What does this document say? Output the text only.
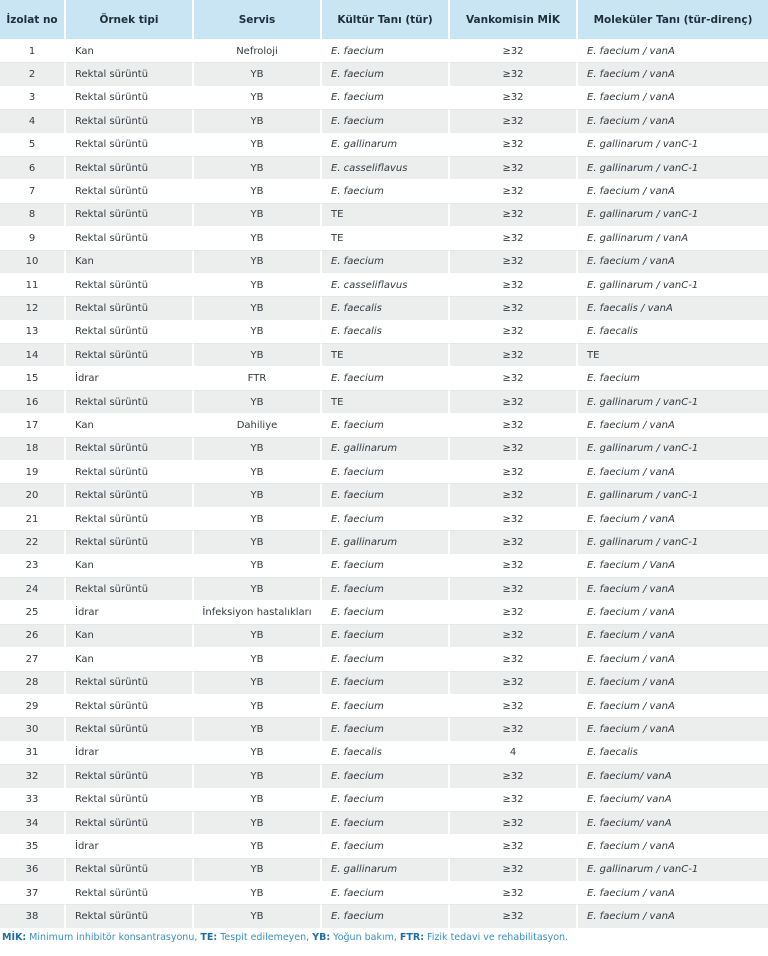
İzolat no	Örnek tipi	Servis	Kültür Tanı (tür)	Vankomisin MİK	Moleküler Tanı (tür-direnç)
1	Kan	Nefroloji	E. faecium	≥32	E. faecium / vanA
2	Rektal sürüntü	YB	E. faecium	≥32	E. faecium / vanA
3	Rektal sürüntü	YB	E. faecium	≥32	E. faecium / vanA
4	Rektal sürüntü	YB	E. faecium	≥32	E. faecium / vanA
5	Rektal sürüntü	YB	E. gallinarum	≥32	E. gallinarum / vanC-1
6	Rektal sürüntü	YB	E. casseliflavus	≥32	E. gallinarum / vanC-1
7	Rektal sürüntü	YB	E. faecium	≥32	E. faecium / vanA
8	Rektal sürüntü	YB	TE	≥32	E. gallinarum / vanC-1
9	Rektal sürüntü	YB	TE	≥32	E. gallinarum / vanA
10	Kan	YB	E. faecium	≥32	E. faecium / vanA
11	Rektal sürüntü	YB	E. casseliflavus	≥32	E. gallinarum / vanC-1
12	Rektal sürüntü	YB	E. faecalis	≥32	E. faecalis / vanA
13	Rektal sürüntü	YB	E. faecalis	≥32	E. faecalis
14	Rektal sürüntü	YB	TE	≥32	TE
15	İdrar	FTR	E. faecium	≥32	E. faecium
16	Rektal sürüntü	YB	TE	≥32	E. gallinarum / vanC-1
17	Kan	Dahiliye	E. faecium	≥32	E. faecium / vanA
18	Rektal sürüntü	YB	E. gallinarum	≥32	E. gallinarum / vanC-1
19	Rektal sürüntü	YB	E. faecium	≥32	E. faecium / vanA
20	Rektal sürüntü	YB	E. faecium	≥32	E. gallinarum / vanC-1
21	Rektal sürüntü	YB	E. faecium	≥32	E. faecium / vanA
22	Rektal sürüntü	YB	E. gallinarum	≥32	E. gallinarum / vanC-1
23	Kan	YB	E. faecium	≥32	E. faecium / VanA
24	Rektal sürüntü	YB	E. faecium	≥32	E. faecium / vanA
25	İdrar	İnfeksiyon hastalıkları	E. faecium	≥32	E. faecium / vanA
26	Kan	YB	E. faecium	≥32	E. faecium / vanA
27	Kan	YB	E. faecium	≥32	E. faecium / vanA
28	Rektal sürüntü	YB	E. faecium	≥32	E. faecium / vanA
29	Rektal sürüntü	YB	E. faecium	≥32	E. faecium / vanA
30	Rektal sürüntü	YB	E. faecium	≥32	E. faecium / vanA
31	İdrar	YB	E. faecalis	4	E. faecalis
32	Rektal sürüntü	YB	E. faecium	≥32	E. faecium/ vanA
33	Rektal sürüntü	YB	E. faecium	≥32	E. faecium/ vanA
34	Rektal sürüntü	YB	E. faecium	≥32	E. faecium/ vanA
35	İdrar	YB	E. faecium	≥32	E. faecium / vanA
36	Rektal sürüntü	YB	E. gallinarum	≥32	E. gallinarum / vanC-1
37	Rektal sürüntü	YB	E. faecium	≥32	E. faecium / vanA
38	Rektal sürüntü	YB	E. faecium	≥32	E. faecium / vanA
MİK: Minimum inhibitör konsantrasyonu, TE: Tespit edilemeyen, YB: Yoğun bakım, FTR: Fizik tedavi ve rehabilitasyon.
